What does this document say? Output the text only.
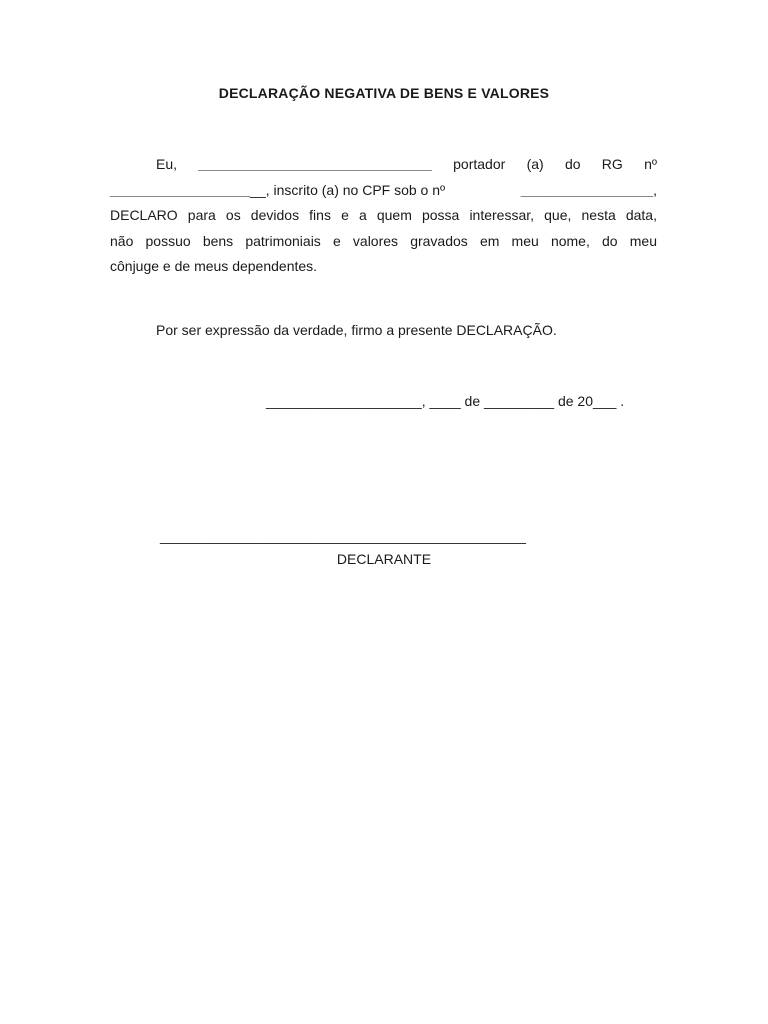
DECLARAÇÃO NEGATIVA DE BENS E VALORES
Eu, ______________________________ portador (a) do RG nº
____________________, inscrito (a) no CPF sob o nº	_________________,
DECLARO para os devidos fins e a quem possa interessar, que, nesta data,
não possuo bens patrimoniais e valores gravados em meu nome, do meu
cônjuge e de meus dependentes.
Por ser expressão da verdade, firmo a presente DECLARAÇÃO.
____________________, ____ de _________ de 20___ .
_______________________________________________
DECLARANTE
